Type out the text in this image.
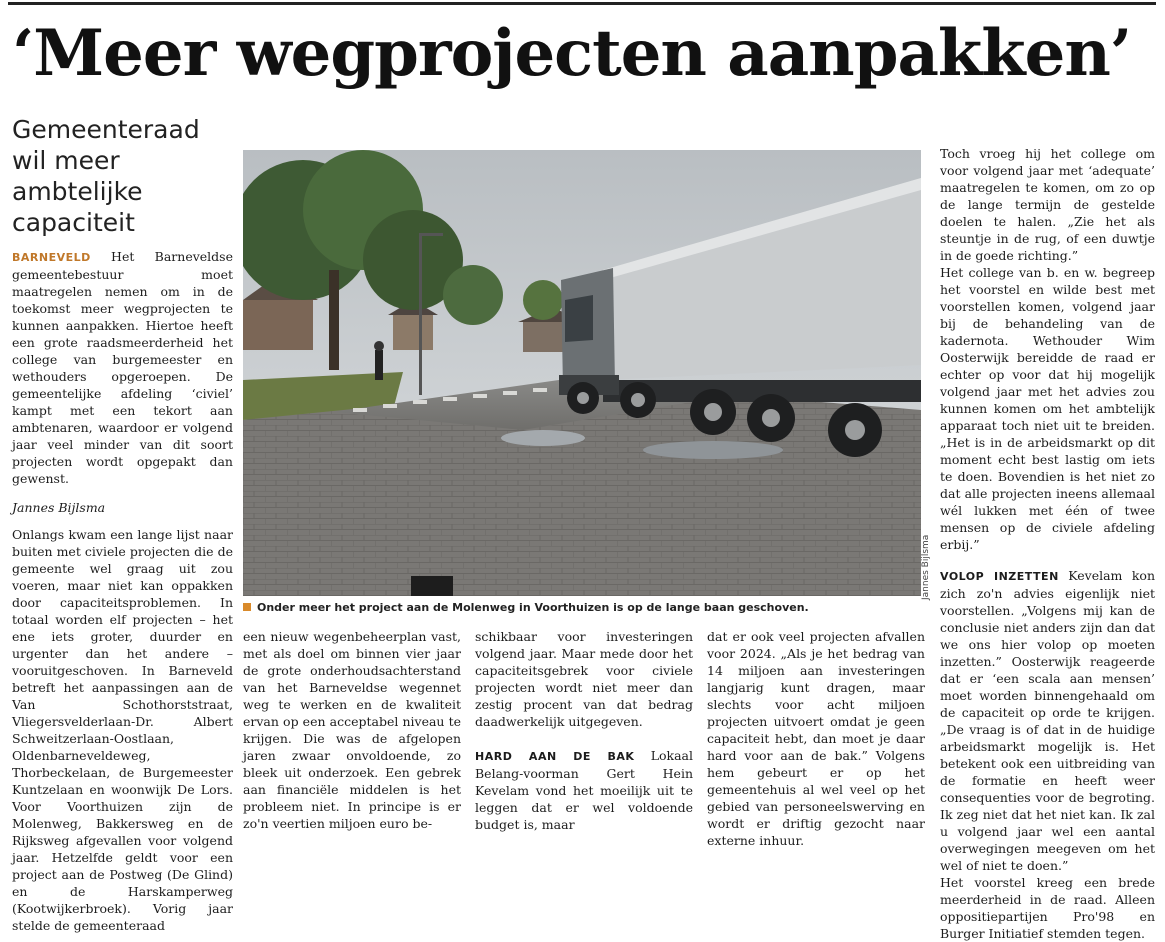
‘Meer wegprojecten aanpakken’
Gemeenteraad wil meer ambtelijke capaciteit

BARNEVELD Het Barneveldse gemeentebestuur moet maatregelen nemen om in de toekomst meer wegprojecten te kunnen aanpakken. Hiertoe heeft een grote raadsmeerderheid het college van burgemeester en wethouders opgeroepen. De gemeentelijke afdeling ‘civiel’ kampt met een tekort aan ambtenaren, waardoor er volgend jaar veel minder van dit soort projecten wordt opgepakt dan gewenst.

Jannes Bijlsma

Onlangs kwam een lange lijst naar buiten met civiele projecten die de gemeente wel graag uit zou voeren, maar niet kan oppakken door capaciteitsproblemen. In totaal worden elf projecten – het ene iets groter, duurder en urgenter dan het andere – vooruitgeschoven. In Barneveld betreft het aanpassingen aan de Van Schothorststraat, Vliegersvelderlaan-Dr. Albert Schweitzerlaan-Oostlaan, Oldenbarneveldeweg, Thorbeckelaan, de Burgemeester Kuntzelaan en woonwijk De Lors. Voor Voorthuizen zijn de Molenweg, Bakkersweg en de Rijksweg afgevallen voor volgend jaar. Hetzelfde geldt voor een project aan de Postweg (De Glind) en de Harskamperweg (Kootwijkerbroek). Vorig jaar stelde de gemeenteraad

Jannes Bijlsma
Onder meer het project aan de Molenweg in Voorthuizen is op de lange baan geschoven.

een nieuw wegenbeheerplan vast, met als doel om binnen vier jaar de grote onderhoudsachterstand van het Barneveldse wegennet weg te werken en de kwaliteit ervan op een acceptabel niveau te krijgen. Die was de afgelopen jaren zwaar onvoldoende, zo bleek uit onderzoek. Een gebrek aan financiële middelen is het probleem niet. In principe is er zo'n veertien miljoen euro be-

schikbaar voor investeringen volgend jaar. Maar mede door het capaciteitsgebrek voor civiele projecten wordt niet meer dan zestig procent van dat bedrag daadwerkelijk uitgegeven.

HARD AAN DE BAK Lokaal Belang-voorman Gert Hein Kevelam vond het moeilijk uit te leggen dat er wel voldoende budget is, maar

dat er ook veel projecten afvallen voor 2024. „Als je het bedrag van 14 miljoen aan investeringen langjarig kunt dragen, maar slechts voor acht miljoen projecten uitvoert omdat je geen capaciteit hebt, dan moet je daar hard voor aan de bak.” Volgens hem gebeurt er op het gemeentehuis al wel veel op het gebied van personeelswerving en wordt er driftig gezocht naar externe inhuur.

Toch vroeg hij het college om voor volgend jaar met ‘adequate’ maatregelen te komen, om zo op de lange termijn de gestelde doelen te halen. „Zie het als steuntje in de rug, of een duwtje in de goede richting.”

Het college van b. en w. begreep het voorstel en wilde best met voorstellen komen, volgend jaar bij de behandeling van de kadernota. Wethouder Wim Oosterwijk bereidde de raad er echter op voor dat hij mogelijk volgend jaar met het advies zou kunnen komen om het ambtelijk apparaat toch niet uit te breiden. „Het is in de arbeidsmarkt op dit moment echt best lastig om iets te doen. Bovendien is het niet zo dat alle projecten ineens allemaal wél lukken met één of twee mensen op de civiele afdeling erbij.”

VOLOP INZETTEN Kevelam kon zich zo'n advies eigenlijk niet voorstellen. „Volgens mij kan de conclusie niet anders zijn dan dat we ons hier volop op moeten inzetten.” Oosterwijk reageerde dat er ‘een scala aan mensen’ moet worden binnengehaald om de capaciteit op orde te krijgen. „De vraag is of dat in de huidige arbeidsmarkt mogelijk is. Het betekent ook een uitbreiding van de formatie en heeft weer consequenties voor de begroting. Ik zeg niet dat het niet kan. Ik zal u volgend jaar wel een aantal overwegingen meegeven om het wel of niet te doen.”

Het voorstel kreeg een brede meerderheid in de raad. Alleen oppositiepartijen Pro'98 en Burger Initiatief stemden tegen.
